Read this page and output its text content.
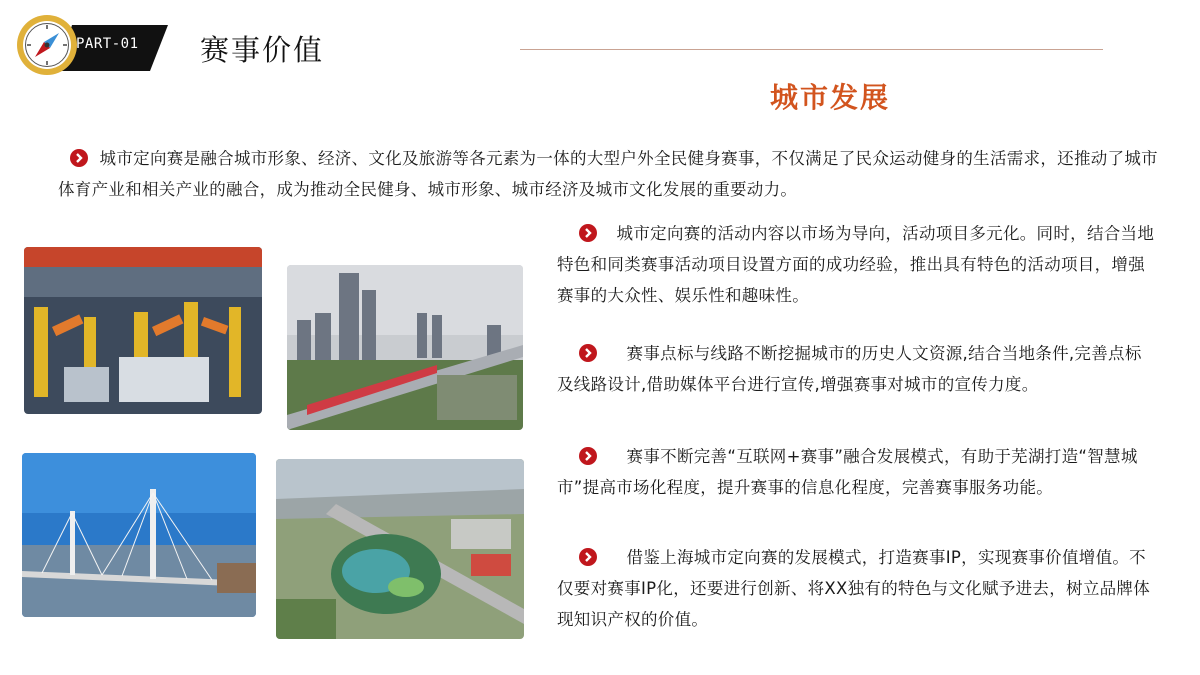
PART-01 赛事价值
城市发展
城市定向赛是融合城市形象、经济、文化及旅游等各元素为一体的大型户外全民健身赛事，不仅满足了民众运动健身的生活需求，还推动了城市体育产业和相关产业的融合，成为推动全民健身、城市形象、城市经济及城市文化发展的重要动力。
城市定向赛的活动内容以市场为导向，活动项目多元化。同时，结合当地特色和同类赛事活动项目设置方面的成功经验，推出具有特色的活动项目，增强赛事的大众性、娱乐性和趣味性。
赛事点标与线路不断挖掘城市的历史人文资源,结合当地条件,完善点标及线路设计,借助媒体平台进行宣传,增强赛事对城市的宣传力度。
赛事不断完善“互联网+赛事”融合发展模式，有助于芜湖打造“智慧城市”提高市场化程度，提升赛事的信息化程度，完善赛事服务功能。
借鉴上海城市定向赛的发展模式，打造赛事IP，实现赛事价值增值。不仅要对赛事IP化，还要进行创新、将XX独有的特色与文化赋予进去，树立品牌体现知识产权的价值。
